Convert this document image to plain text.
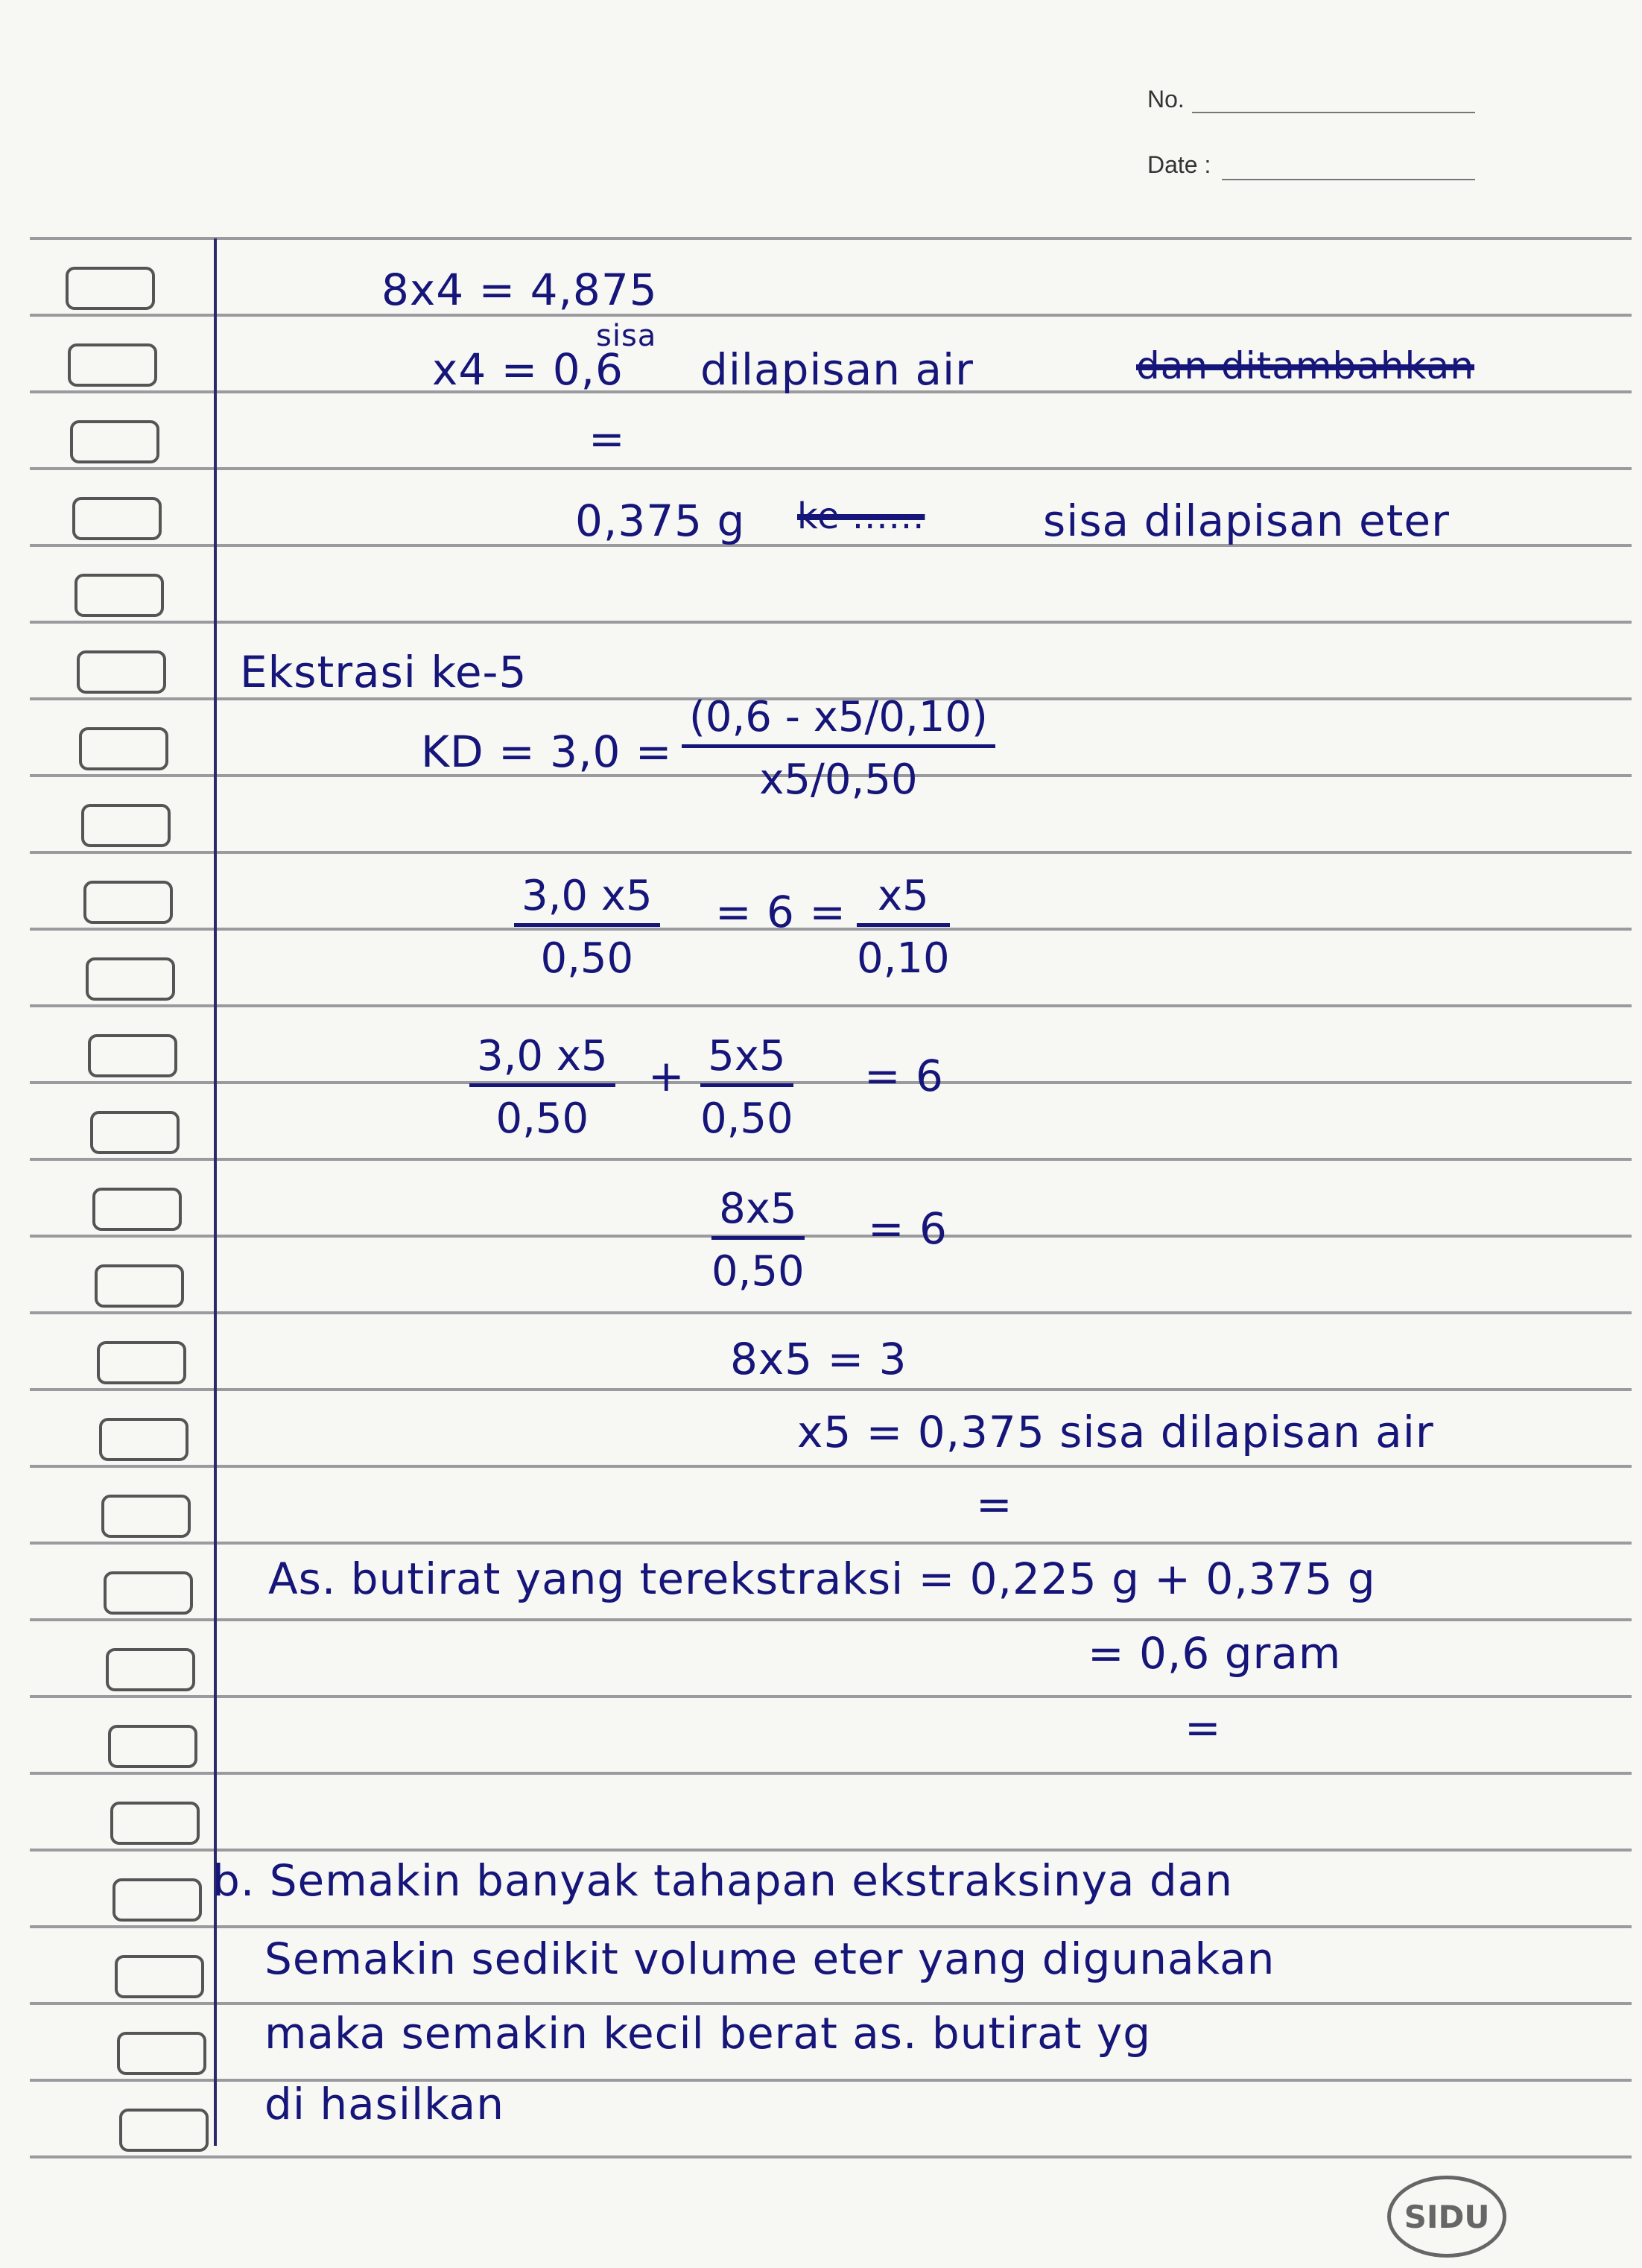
No.
Date :
8x4 = 4,875
x4 = 0,6
sisa
dilapisan air	dan ditambahkan
=
0,375 g ke ......	sisa dilapisan eter
Ekstrasi ke-5
KD = $3,0 = \frac{(0,6 - x5/0,10)}{x5/0,50}$
$\frac{3,0 x5}{0,50} = 6 = \frac{x5}{0,10}$
$\frac{3,0 x5}{0,50} + \frac{5x5}{0,50} = 6$
$\frac{8x5}{0,50} = 6$
8x5 = 3
x5 = 0,375 sisa dilapisan air
=
As. butirat yang terekstraksi = 0,225 g + 0,375 g
= 0,6 gram
=
b. Semakin banyak tahapan ekstraksinya dan
Semakin sedikit volume eter yang digunakan
maka semakin kecil berat as. butirat yg
di hasilkan
SIDU
